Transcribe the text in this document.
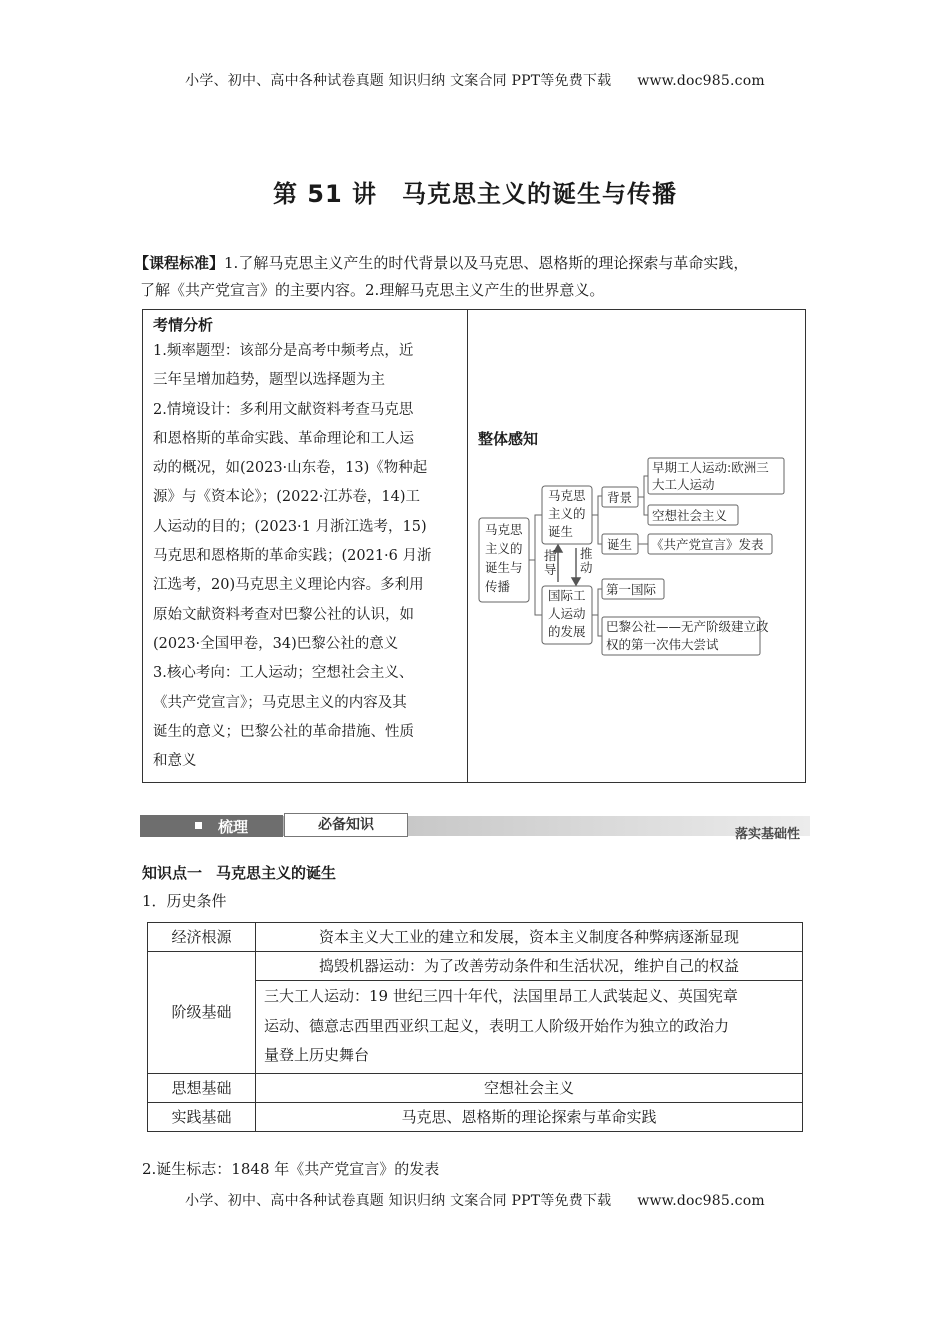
小学、初中、高中各种试卷真题 知识归纳 文案合同 PPT等免费下载 www.doc985.com
第 51 讲　马克思主义的诞生与传播
【课程标准】1.了解马克思主义产生的时代背景以及马克思、恩格斯的理论探索与革命实践，
了解《共产党宣言》的主要内容。2.理解马克思主义产生的世界意义。
考情分析

1.频率题型：该部分是高考中频考点，近

三年呈增加趋势，题型以选择题为主

2.情境设计：多利用文献资料考查马克思

和恩格斯的革命实践、革命理论和工人运

动的概况，如(2023·山东卷，13)《物种起

源》与《资本论》；(2022·江苏卷，14)工

人运动的目的；(2023·1 月浙江选考，15)

马克思和恩格斯的革命实践；(2021·6 月浙

江选考，20)马克思主义理论内容。多利用

原始文献资料考查对巴黎公社的认识，如

(2023·全国甲卷，34)巴黎公社的意义

3.核心考向：工人运动；空想社会主义、

《共产党宣言》；马克思主义的内容及其

诞生的意义；巴黎公社的革命措施、性质

和意义

整体感知
马克思
主义的
诞生与
传播
马克思
主义的
诞生
国际工
人运动
的发展
指
导
推
动
背景
诞生
早期工人运动:欧洲三
大工人运动
空想社会主义
《共产党宣言》发表
第一国际
巴黎公社——无产阶级建立政
权的第一次伟大尝试
梳理	必备知识
落实基础性
知识点一 马克思主义的诞生
1．历史条件
经济根源	资本主义大工业的建立和发展，资本主义制度各种弊病逐渐显现
阶级基础	捣毁机器运动：为了改善劳动条件和生活状况，维护自己的权益

	三大工人运动：19 世纪三四十年代，法国里昂工人武装起义、英国宪章
运动、德意志西里西亚织工起义，表明工人阶级开始作为独立的政治力
量登上历史舞台

思想基础	空想社会主义
实践基础	马克思、恩格斯的理论探索与革命实践
2.诞生标志：1848 年《共产党宣言》的发表
小学、初中、高中各种试卷真题 知识归纳 文案合同 PPT等免费下载 www.doc985.com
